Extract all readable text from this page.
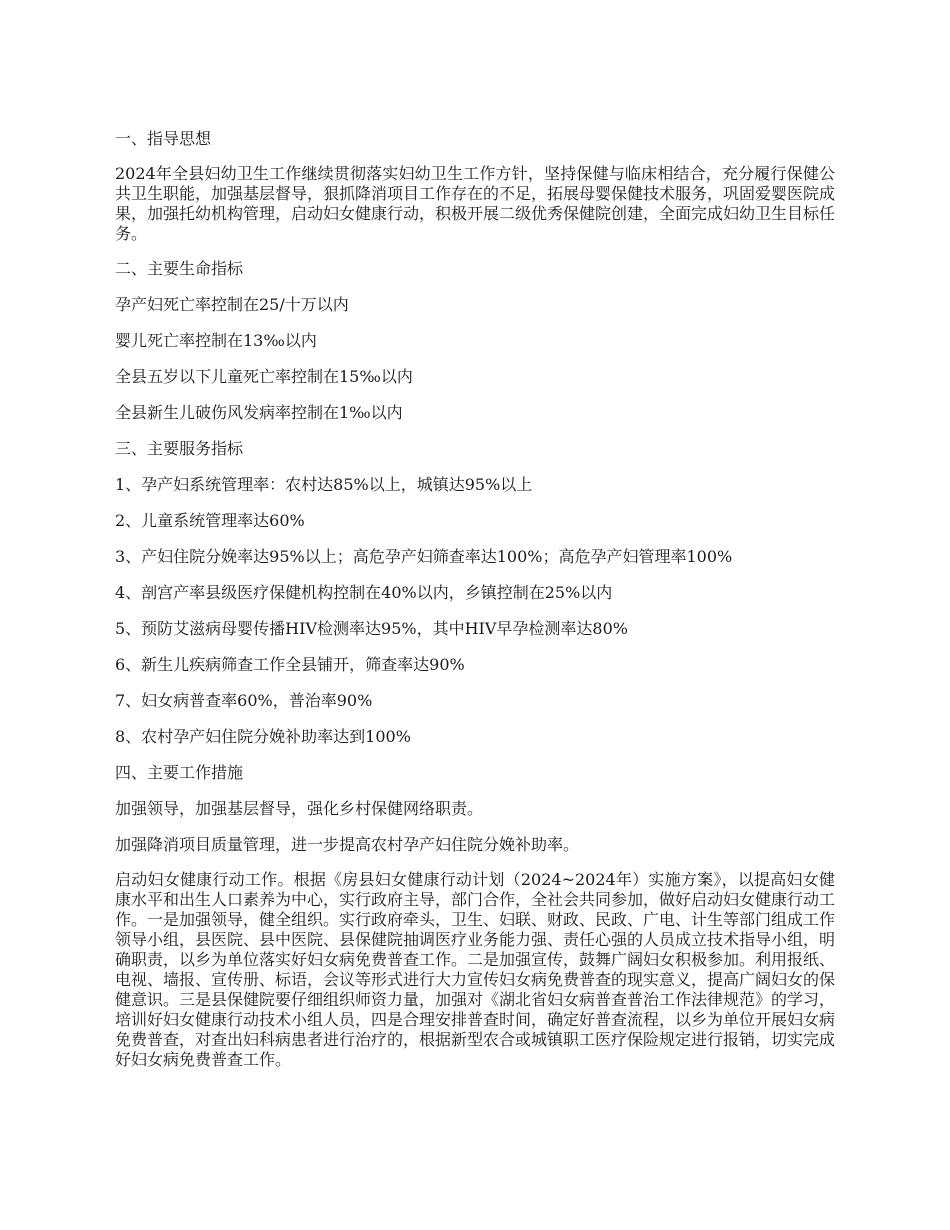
一、指导思想
2024年全县妇幼卫生工作继续贯彻落实妇幼卫生工作方针，坚持保健与临床相结合，充分履行保健公共卫生职能，加强基层督导，狠抓降消项目工作存在的不足，拓展母婴保健技术服务，巩固爱婴医院成果，加强托幼机构管理，启动妇女健康行动，积极开展二级优秀保健院创建，全面完成妇幼卫生目标任务。
二、主要生命指标
孕产妇死亡率控制在25/十万以内
婴儿死亡率控制在13‰以内
全县五岁以下儿童死亡率控制在15‰以内
全县新生儿破伤风发病率控制在1‰以内
三、主要服务指标
1、孕产妇系统管理率：农村达85%以上，城镇达95%以上
2、儿童系统管理率达60%
3、产妇住院分娩率达95%以上；高危孕产妇筛查率达100%；高危孕产妇管理率100%
4、剖宫产率县级医疗保健机构控制在40%以内，乡镇控制在25%以内
5、预防艾滋病母婴传播HIV检测率达95%，其中HIV早孕检测率达80%
6、新生儿疾病筛查工作全县铺开，筛查率达90%
7、妇女病普查率60%，普治率90%
8、农村孕产妇住院分娩补助率达到100%
四、主要工作措施
加强领导，加强基层督导，强化乡村保健网络职责。
加强降消项目质量管理，进一步提高农村孕产妇住院分娩补助率。
启动妇女健康行动工作。根据《房县妇女健康行动计划（2024~2024年）实施方案》，以提高妇女健康水平和出生人口素养为中心，实行政府主导，部门合作，全社会共同参加，做好启动妇女健康行动工作。一是加强领导，健全组织。实行政府牵头，卫生、妇联、财政、民政、广电、计生等部门组成工作领导小组，县医院、县中医院、县保健院抽调医疗业务能力强、责任心强的人员成立技术指导小组，明确职责，以乡为单位落实好妇女病免费普查工作。二是加强宣传，鼓舞广阔妇女积极参加。利用报纸、电视、墙报、宣传册、标语，会议等形式进行大力宣传妇女病免费普查的现实意义，提高广阔妇女的保健意识。三是县保健院要仔细组织师资力量，加强对《湖北省妇女病普查普治工作法律规范》的学习，培训好妇女健康行动技术小组人员，四是合理安排普查时间，确定好普查流程，以乡为单位开展妇女病免费普查，对查出妇科病患者进行治疗的，根据新型农合或城镇职工医疗保险规定进行报销，切实完成好妇女病免费普查工作。
